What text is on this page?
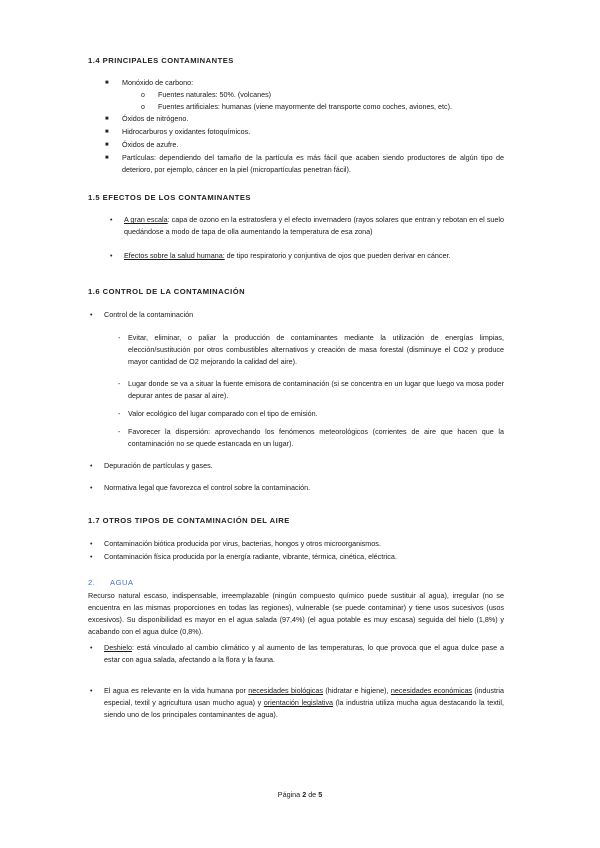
1.4 PRINCIPALES CONTAMINANTES
■ Monóxido de carbono:
o Fuentes naturales: 50%. (volcanes)
o Fuentes artificiales: humanas (viene mayormente del transporte como coches, aviones, etc).
■ Óxidos de nitrógeno.
■ Hidrocarburos y oxidantes fotoquímicos.
■ Óxidos de azufre.
■ Partículas: dependiendo del tamaño de la partícula es más fácil que acaben siendo productores de algún tipo de deterioro, por ejemplo, cáncer en la piel (micropartículas penetran fácil).
1.5 EFECTOS DE LOS CONTAMINANTES
• A gran escala: capa de ozono en la estratosfera y el efecto invernadero (rayos solares que entran y rebotan en el suelo quedándose a modo de tapa de olla aumentando la temperatura de esa zona)
• Efectos sobre la salud humana: de tipo respiratorio y conjuntiva de ojos que pueden derivar en cáncer.
1.6 CONTROL DE LA CONTAMINACIÓN
• Control de la contaminación
- Evitar, eliminar, o paliar la producción de contaminantes mediante la utilización de energías limpias, elección/sustitución por otros combustibles alternativos y creación de masa forestal (disminuye el CO2 y produce mayor cantidad de O2 mejorando la calidad del aire).
- Lugar donde se va a situar la fuente emisora de contaminación (si se concentra en un lugar que luego va mosa poder depurar antes de pasar al aire).
- Valor ecológico del lugar comparado con el tipo de emisión.
- Favorecer la dispersión: aprovechando los fenómenos meteorológicos (corrientes de aire que hacen que la contaminación no se quede estancada en un lugar).
• Depuración de partículas y gases.
• Normativa legal que favorezca el control sobre la contaminación.
1.7 OTROS TIPOS DE CONTAMINACIÓN DEL AIRE
• Contaminación biótica producida por virus, bacterias, hongos y otros microorganismos.
• Contaminación física producida por la energía radiante, vibrante, térmica, cinética, eléctrica.
2. AGUA
Recurso natural escaso, indispensable, irreemplazable (ningún compuesto químico puede sustituir al agua), irregular (no se encuentra en las mismas proporciones en todas las regiones), vulnerable (se puede contaminar) y tiene usos sucesivos (usos excesivos). Su disponibilidad es mayor en el agua salada (97,4%) (el agua potable es muy escasa) seguida del hielo (1,8%) y acabando con el agua dulce (0,8%).
• Deshielo: está vinculado al cambio climático y al aumento de las temperaturas, lo que provoca que el agua dulce pase a estar con agua salada, afectando a la flora y la fauna.
• El agua es relevante en la vida humana por necesidades biológicas (hidratar e higiene), necesidades económicas (industria especial, textil y agricultura usan mucho agua) y orientación legislativa (la industria utiliza mucha agua destacando la textil, siendo uno de los principales contaminantes de agua).
Página 2 de 5
